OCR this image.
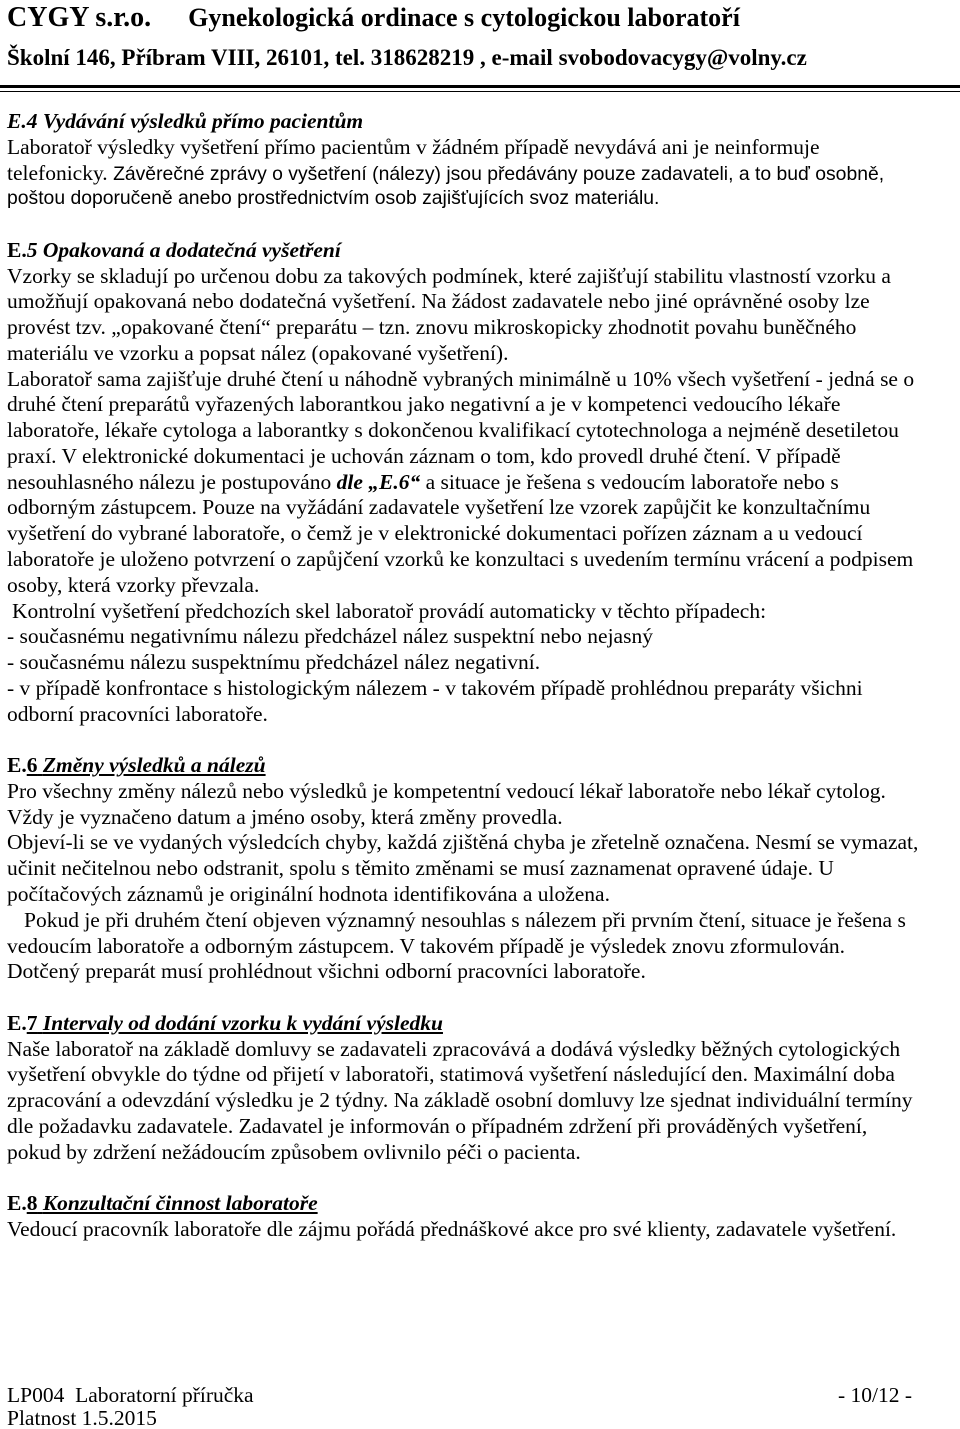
CYGY s.r.o. Gynekologická ordinace s cytologickou laboratoří
Školní 146, Příbram VIII, 26101, tel. 318628219 , e-mail svobodovacygy@volny.cz
E.4 Vydávání výsledků přímo pacientům
Laboratoř výsledky vyšetření přímo pacientům v žádném případě nevydává ani je neinformuje
telefonicky. Závěrečné zprávy o vyšetření (nálezy) jsou předávány pouze zadavateli, a to buď osobně,
poštou doporučeně anebo prostřednictvím osob zajišťujících svoz materiálu.
E.5 Opakovaná a dodatečná vyšetření
Vzorky se skladují po určenou dobu za takových podmínek, které zajišťují stabilitu vlastností vzorku a
umožňují opakovaná nebo dodatečná vyšetření. Na žádost zadavatele nebo jiné oprávněné osoby lze
provést tzv. „opakované čtení“ preparátu – tzn. znovu mikroskopicky zhodnotit povahu buněčného
materiálu ve vzorku a popsat nález (opakované vyšetření).
Laboratoř sama zajišťuje druhé čtení u náhodně vybraných minimálně u 10% všech vyšetření - jedná se o
druhé čtení preparátů vyřazených laborantkou jako negativní a je v kompetenci vedoucího lékaře
laboratoře, lékaře cytologa a laborantky s dokončenou kvalifikací cytotechnologa a nejméně desetiletou
praxí. V elektronické dokumentaci je uchován záznam o tom, kdo provedl druhé čtení. V případě
nesouhlasného nálezu je postupováno dle „E.6“ a situace je řešena s vedoucím laboratoře nebo s
odborným zástupcem. Pouze na vyžádání zadavatele vyšetření lze vzorek zapůjčit ke konzultačnímu
vyšetření do vybrané laboratoře, o čemž je v elektronické dokumentaci pořízen záznam a u vedoucí
laboratoře je uloženo potvrzení o zapůjčení vzorků ke konzultaci s uvedením termínu vrácení a podpisem
osoby, která vzorky převzala.
Kontrolní vyšetření předchozích skel laboratoř provádí automaticky v těchto případech:
- současnému negativnímu nálezu předcházel nález suspektní nebo nejasný
- současnému nálezu suspektnímu předcházel nález negativní.
- v případě konfrontace s histologickým nálezem - v takovém případě prohlédnou preparáty všichni
odborní pracovníci laboratoře.
E.6 Změny výsledků a nálezů
Pro všechny změny nálezů nebo výsledků je kompetentní vedoucí lékař laboratoře nebo lékař cytolog.
Vždy je vyznačeno datum a jméno osoby, která změny provedla.
Objeví-li se ve vydaných výsledcích chyby, každá zjištěná chyba je zřetelně označena. Nesmí se vymazat,
učinit nečitelnou nebo odstranit, spolu s těmito změnami se musí zaznamenat opravené údaje. U
počítačových záznamů je originální hodnota identifikována a uložena.
Pokud je při druhém čtení objeven významný nesouhlas s nálezem při prvním čtení, situace je řešena s
vedoucím laboratoře a odborným zástupcem. V takovém případě je výsledek znovu zformulován.
Dotčený preparát musí prohlédnout všichni odborní pracovníci laboratoře.
E.7 Intervaly od dodání vzorku k vydání výsledku
Naše laboratoř na základě domluvy se zadavateli zpracovává a dodává výsledky běžných cytologických
vyšetření obvykle do týdne od přijetí v laboratoři, statimová vyšetření následující den. Maximální doba
zpracování a odevzdání výsledku je 2 týdny. Na základě osobní domluvy lze sjednat individuální termíny
dle požadavku zadavatele. Zadavatel je informován o případném zdržení při prováděných vyšetření,
pokud by zdržení nežádoucím způsobem ovlivnilo péči o pacienta.
E.8 Konzultační činnost laboratoře
Vedoucí pracovník laboratoře dle zájmu pořádá přednáškové akce pro své klienty, zadavatele vyšetření.
LP004  Laboratorní příručka	- 10/12 -
Platnost 1.5.2015
